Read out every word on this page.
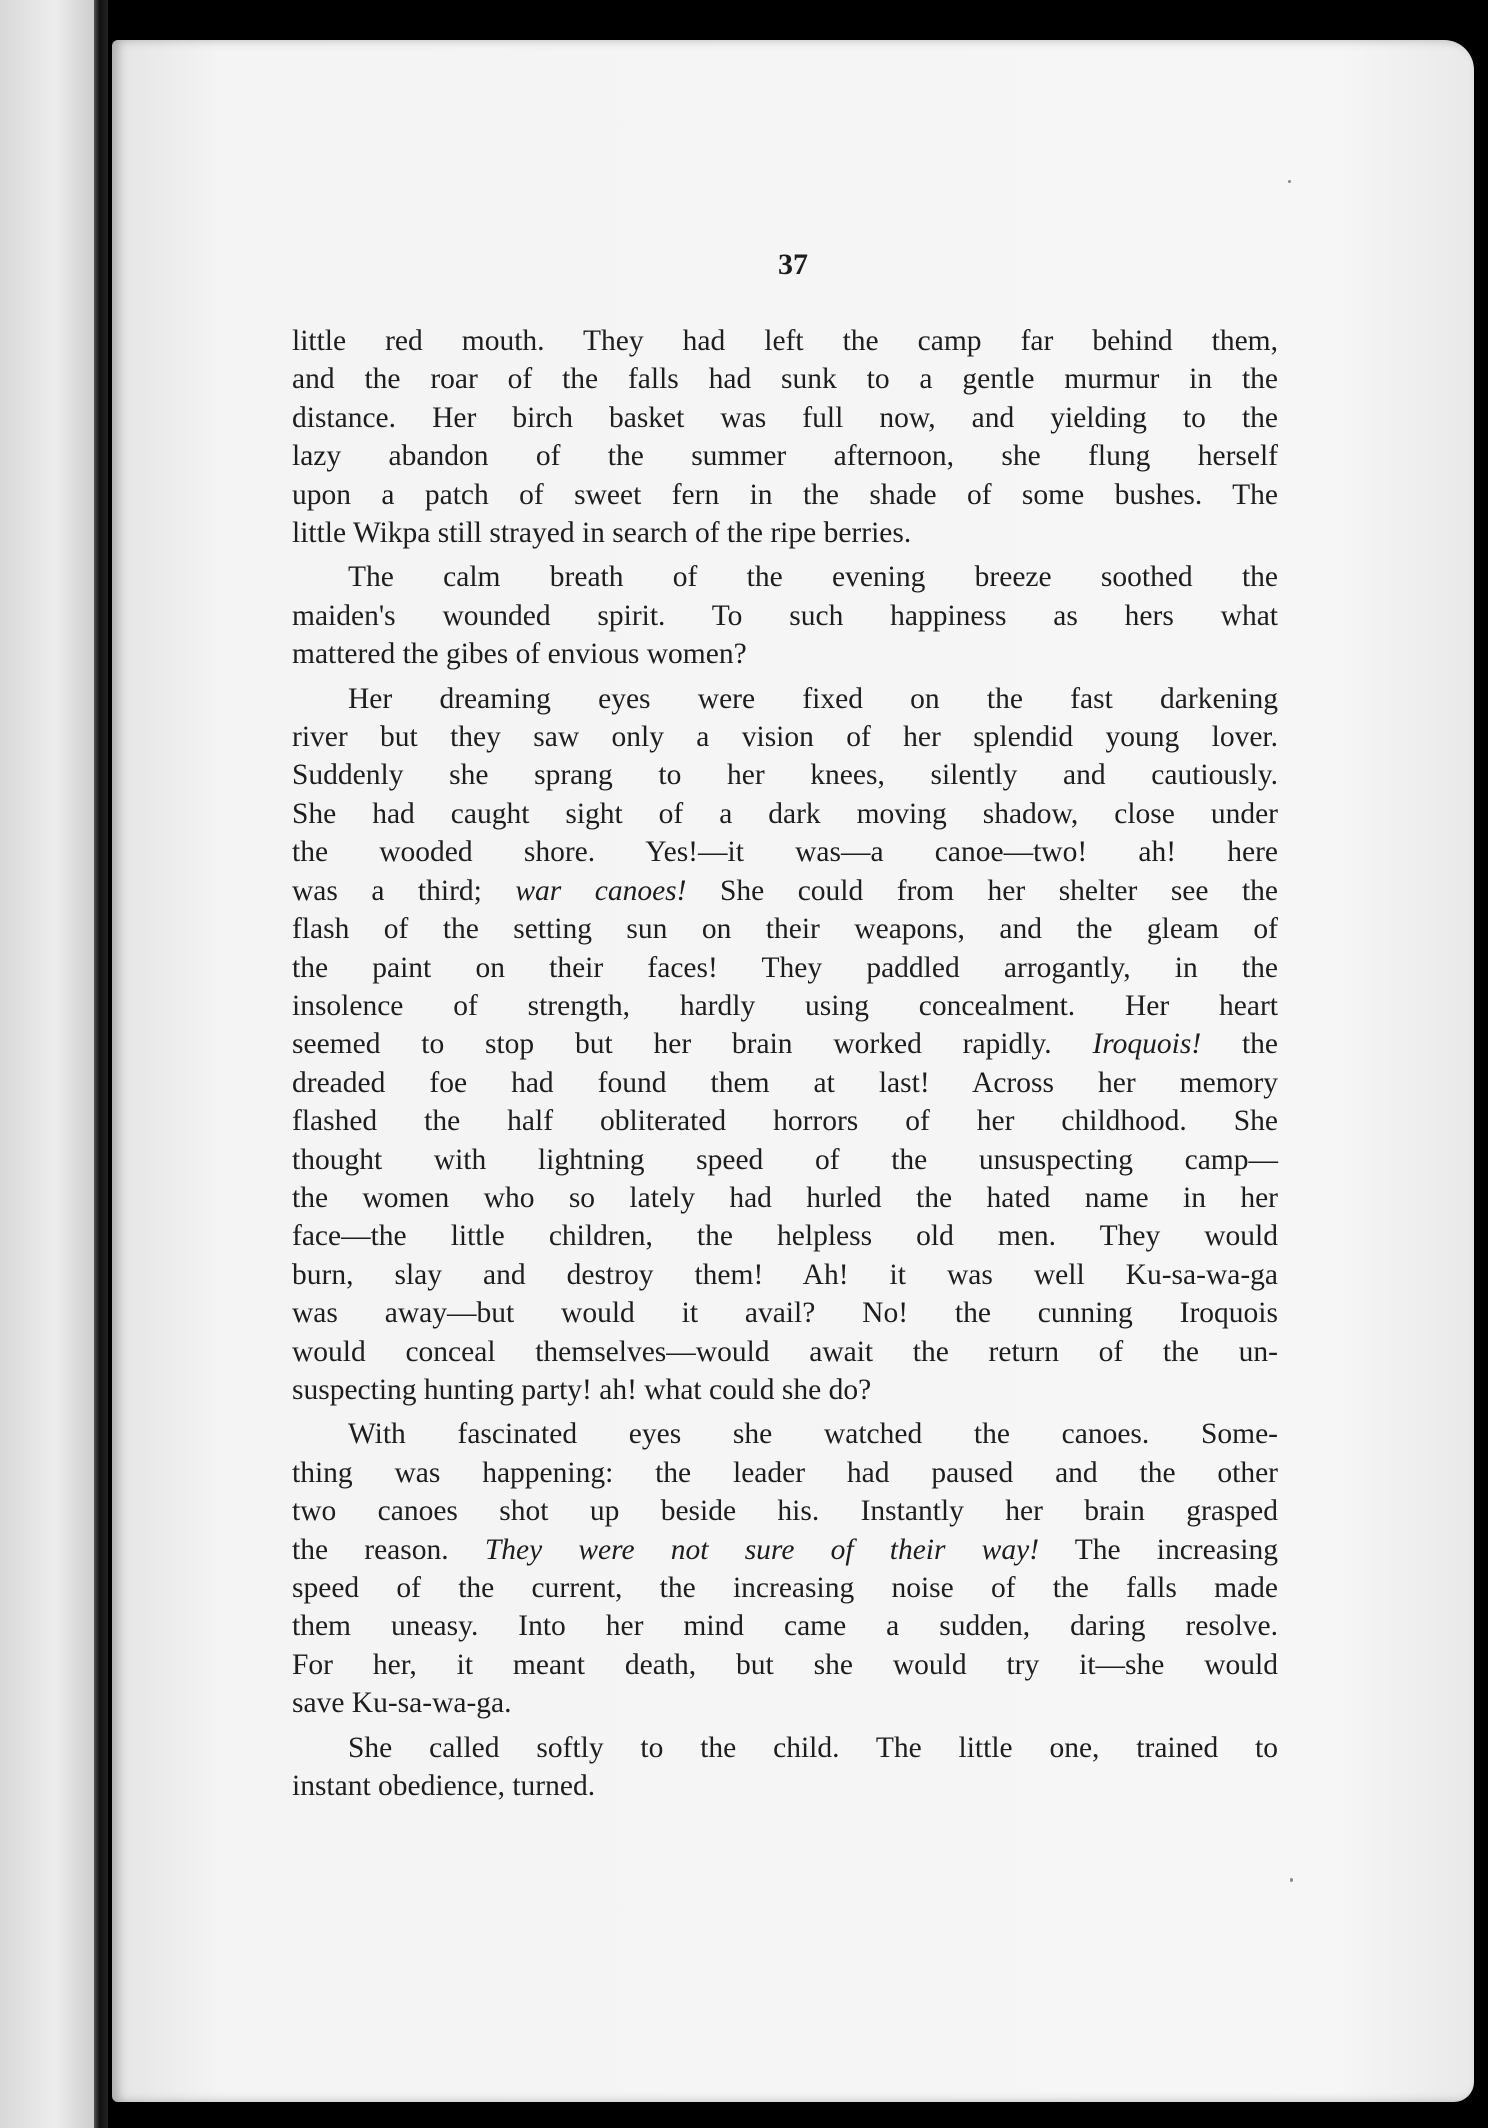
37
little red mouth. They had left the camp far behind them,
and the roar of the falls had sunk to a gentle murmur in the
distance. Her birch basket was full now, and yielding to the
lazy abandon of the summer afternoon, she flung herself
upon a patch of sweet fern in the shade of some bushes. The
little Wikpa still strayed in search of the ripe berries.
The calm breath of the evening breeze soothed the
maiden's wounded spirit. To such happiness as hers what
mattered the gibes of envious women?
Her dreaming eyes were fixed on the fast darkening
river but they saw only a vision of her splendid young lover.
Suddenly she sprang to her knees, silently and cautiously.
She had caught sight of a dark moving shadow, close under
the wooded shore. Yes!—it was—a canoe—two! ah! here
was a third; war canoes! She could from her shelter see the
flash of the setting sun on their weapons, and the gleam of
the paint on their faces! They paddled arrogantly, in the
insolence of strength, hardly using concealment. Her heart
seemed to stop but her brain worked rapidly. Iroquois! the
dreaded foe had found them at last! Across her memory
flashed the half obliterated horrors of her childhood. She
thought with lightning speed of the unsuspecting camp—
the women who so lately had hurled the hated name in her
face—the little children, the helpless old men. They would
burn, slay and destroy them! Ah! it was well Ku-sa-wa-ga
was away—but would it avail? No! the cunning Iroquois
would conceal themselves—would await the return of the un-
suspecting hunting party! ah! what could she do?
With fascinated eyes she watched the canoes. Some-
thing was happening: the leader had paused and the other
two canoes shot up beside his. Instantly her brain grasped
the reason. They were not sure of their way! The increasing
speed of the current, the increasing noise of the falls made
them uneasy. Into her mind came a sudden, daring resolve.
For her, it meant death, but she would try it—she would
save Ku-sa-wa-ga.
She called softly to the child. The little one, trained to
instant obedience, turned.
